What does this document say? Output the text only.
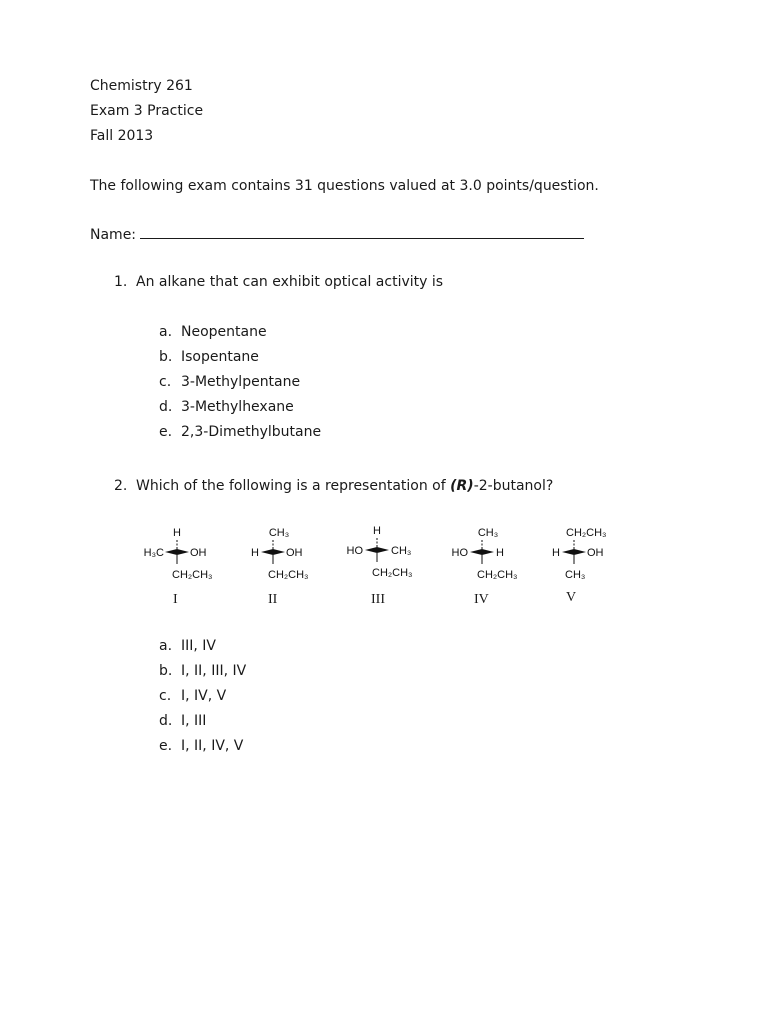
Chemistry 261
Exam 3 Practice
Fall 2013
The following exam contains 31 questions valued at 3.0 points/question.
Name:
1. An alkane that can exhibit optical activity is
a. Neopentane
b. Isopentane
c. 3-Methylpentane
d. 3-Methylhexane
e. 2,3-Dimethylbutane
2. Which of the following is a representation of (R)-2-butanol?
H
H₃C OH
CH₂CH₃
I
CH₃
H OH
CH₂CH₃
II
H
HO	CH₃
CH₂CH₃
III
CH₃
HO	H
CH₂CH₃
IV
CH₂CH₃
H OH
CH₃
V
a. III, IV
b. I, II, III, IV
c. I, IV, V
d. I, III
e. I, II, IV, V
